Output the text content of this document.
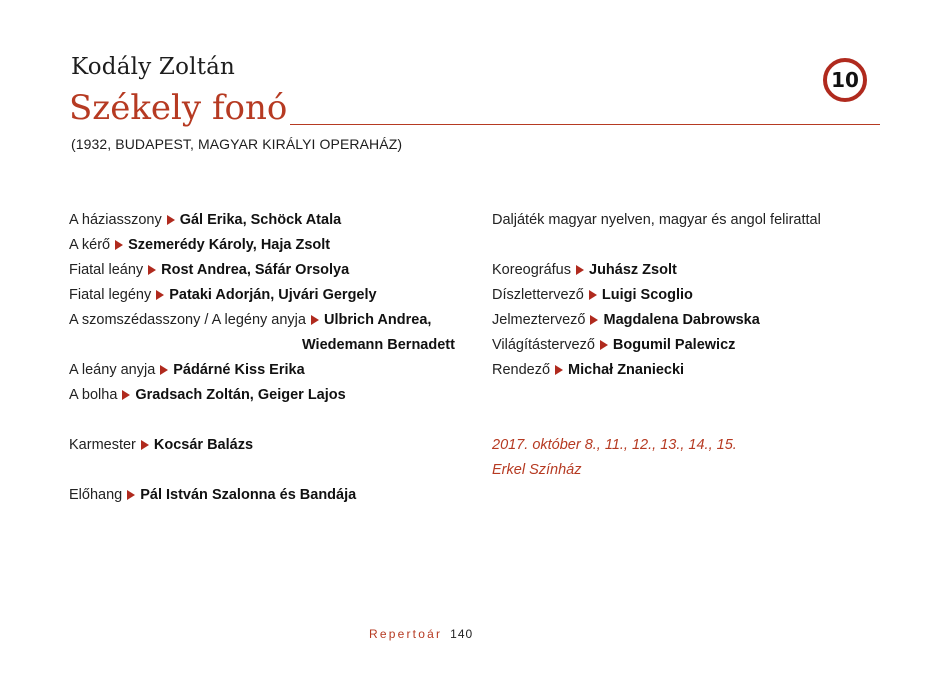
Kodály Zoltán
Székely fonó
10
(1932, BUDAPEST, MAGYAR KIRÁLYI OPERAHÁZ)
A háziasszony Gál Erika, Schöck Atala
A kérő Szemerédy Károly, Haja Zsolt
Fiatal leány Rost Andrea, Sáfár Orsolya
Fiatal legény Pataki Adorján, Ujvári Gergely
A szomszédasszony / A legény anyja Ulbrich Andrea,
Wiedemann Bernadett
A leány anyja Pádárné Kiss Erika
A bolha Gradsach Zoltán, Geiger Lajos
Karmester Kocsár Balázs
Előhang Pál István Szalonna és Bandája
Daljáték magyar nyelven, magyar és angol felirattal
Koreográfus Juhász Zsolt
Díszlettervező Luigi Scoglio
Jelmeztervező Magdalena Dabrowska
Világítástervező Bogumil Palewicz
Rendező Michał Znaniecki
2017. október 8., 11., 12., 13., 14., 15.
Erkel Színház
Repertoár 140
